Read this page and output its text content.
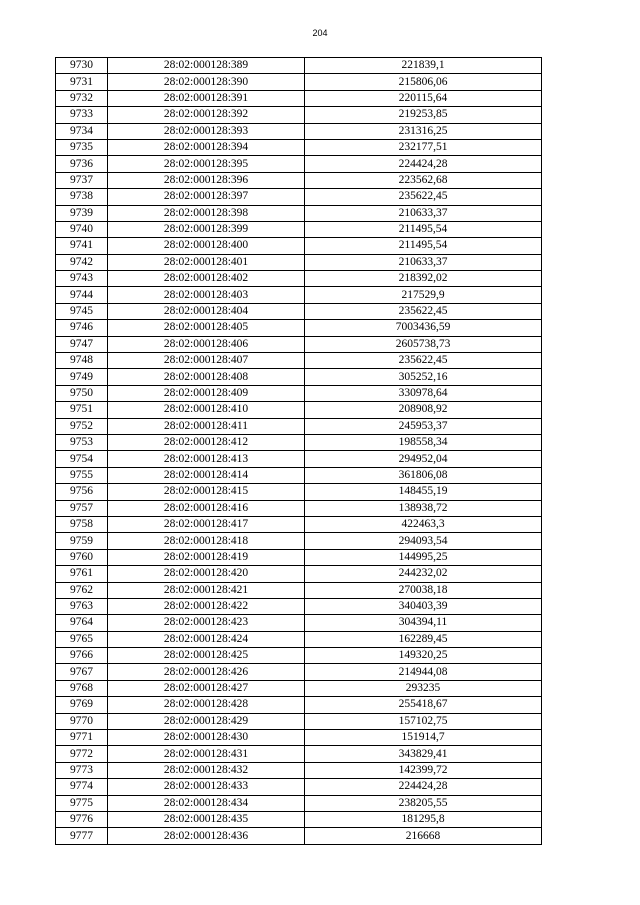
204
9730	28:02:000128:389	221839,1
9731	28:02:000128:390	215806,06
9732	28:02:000128:391	220115,64
9733	28:02:000128:392	219253,85
9734	28:02:000128:393	231316,25
9735	28:02:000128:394	232177,51
9736	28:02:000128:395	224424,28
9737	28:02:000128:396	223562,68
9738	28:02:000128:397	235622,45
9739	28:02:000128:398	210633,37
9740	28:02:000128:399	211495,54
9741	28:02:000128:400	211495,54
9742	28:02:000128:401	210633,37
9743	28:02:000128:402	218392,02
9744	28:02:000128:403	217529,9
9745	28:02:000128:404	235622,45
9746	28:02:000128:405	7003436,59
9747	28:02:000128:406	2605738,73
9748	28:02:000128:407	235622,45
9749	28:02:000128:408	305252,16
9750	28:02:000128:409	330978,64
9751	28:02:000128:410	208908,92
9752	28:02:000128:411	245953,37
9753	28:02:000128:412	198558,34
9754	28:02:000128:413	294952,04
9755	28:02:000128:414	361806,08
9756	28:02:000128:415	148455,19
9757	28:02:000128:416	138938,72
9758	28:02:000128:417	422463,3
9759	28:02:000128:418	294093,54
9760	28:02:000128:419	144995,25
9761	28:02:000128:420	244232,02
9762	28:02:000128:421	270038,18
9763	28:02:000128:422	340403,39
9764	28:02:000128:423	304394,11
9765	28:02:000128:424	162289,45
9766	28:02:000128:425	149320,25
9767	28:02:000128:426	214944,08
9768	28:02:000128:427	293235
9769	28:02:000128:428	255418,67
9770	28:02:000128:429	157102,75
9771	28:02:000128:430	151914,7
9772	28:02:000128:431	343829,41
9773	28:02:000128:432	142399,72
9774	28:02:000128:433	224424,28
9775	28:02:000128:434	238205,55
9776	28:02:000128:435	181295,8
9777	28:02:000128:436	216668
